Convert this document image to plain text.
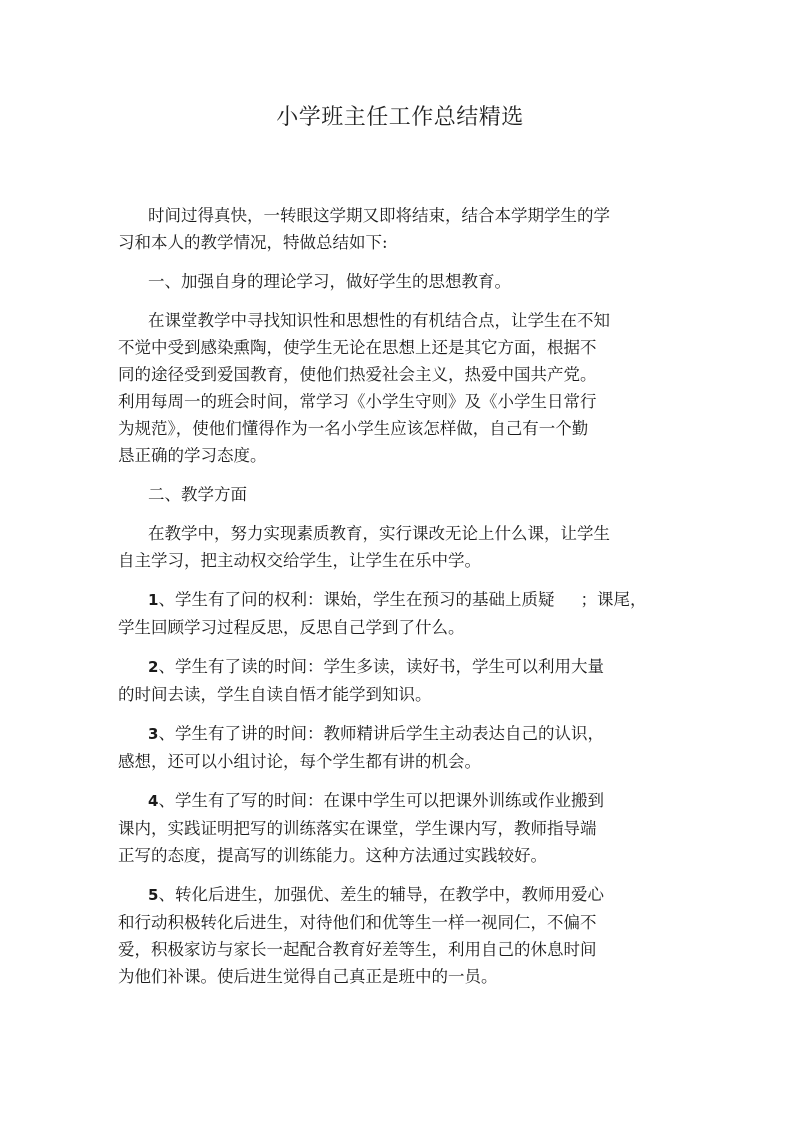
小学班主任工作总结精选

时间过得真快，一转眼这学期又即将结束，结合本学期学生的学
习和本人的教学情况，特做总结如下:

一、加强自身的理论学习，做好学生的思想教育。

在课堂教学中寻找知识性和思想性的有机结合点，让学生在不知
不觉中受到感染熏陶，使学生无论在思想上还是其它方面，根据不
同的途径受到爱国教育，使他们热爱社会主义，热爱中国共产党。
利用每周一的班会时间，常学习《小学生守则》及《小学生日常行
为规范》，使他们懂得作为一名小学生应该怎样做，自己有一个勤
恳正确的学习态度。

二、教学方面

在教学中，努力实现素质教育，实行课改无论上什么课，让学生
自主学习，把主动权交给学生，让学生在乐中学。

1、学生有了问的权利：课始，学生在预习的基础上质疑 ；课尾，
学生回顾学习过程反思，反思自己学到了什么。

2、学生有了读的时间：学生多读，读好书，学生可以利用大量
的时间去读，学生自读自悟才能学到知识。

3、学生有了讲的时间：教师精讲后学生主动表达自己的认识，
感想，还可以小组讨论，每个学生都有讲的机会。

4、学生有了写的时间：在课中学生可以把课外训练或作业搬到
课内，实践证明把写的训练落实在课堂，学生课内写，教师指导端
正写的态度，提高写的训练能力。这种方法通过实践较好。

5、转化后进生，加强优、差生的辅导，在教学中，教师用爱心
和行动积极转化后进生，对待他们和优等生一样一视同仁，不偏不
爱，积极家访与家长一起配合教育好差等生，利用自己的休息时间
为他们补课。使后进生觉得自己真正是班中的一员。
